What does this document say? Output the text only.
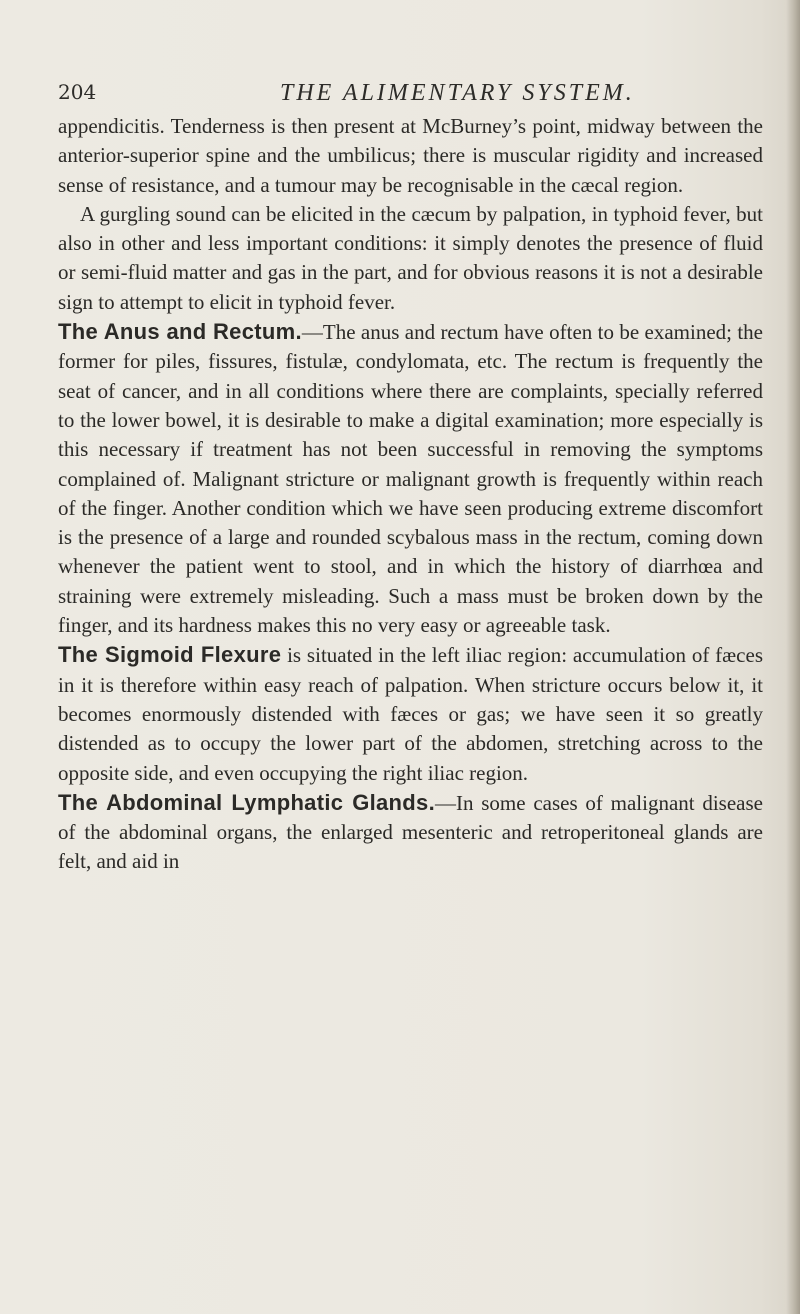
204	THE ALIMENTARY SYSTEM.

appendicitis. Tenderness is then present at McBurney’s point, midway between the anterior-superior spine and the umbilicus; there is muscular rigidity and increased sense of resistance, and a tumour may be recognisable in the cæcal region.

A gurgling sound can be elicited in the cæcum by palpation, in typhoid fever, but also in other and less important conditions: it simply denotes the presence of fluid or semi-fluid matter and gas in the part, and for obvious reasons it is not a desirable sign to attempt to elicit in typhoid fever.

The Anus and Rectum.—The anus and rectum have often to be examined; the former for piles, fissures, fistulæ, condylomata, etc. The rectum is frequently the seat of cancer, and in all conditions where there are complaints, specially referred to the lower bowel, it is desirable to make a digital examination; more especially is this necessary if treatment has not been successful in removing the symptoms complained of. Malignant stricture or malignant growth is frequently within reach of the finger. Another condition which we have seen producing extreme discomfort is the presence of a large and rounded scybalous mass in the rectum, coming down whenever the patient went to stool, and in which the history of diarrhœa and straining were extremely misleading. Such a mass must be broken down by the finger, and its hardness makes this no very easy or agreeable task.

The Sigmoid Flexure is situated in the left iliac region: accumulation of fæces in it is therefore within easy reach of palpation. When stricture occurs below it, it becomes enormously distended with fæces or gas; we have seen it so greatly distended as to occupy the lower part of the abdomen, stretching across to the opposite side, and even occupying the right iliac region.

The Abdominal Lymphatic Glands.—In some cases of malignant disease of the abdominal organs, the enlarged mesenteric and retroperitoneal glands are felt, and aid in
